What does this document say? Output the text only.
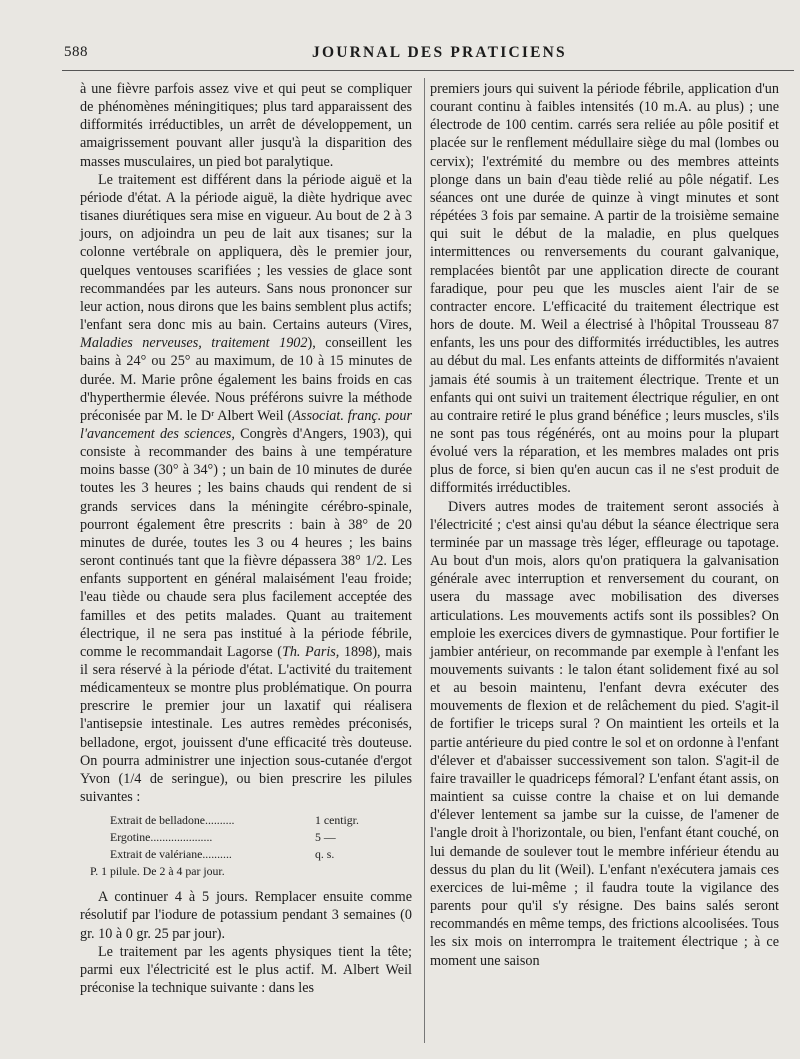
588	JOURNAL DES PRATICIENS

à une fièvre parfois assez vive et qui peut se compliquer de phénomènes méningitiques; plus tard apparaissent des difformités irréductibles, un arrêt de développement, un amaigrissement pouvant aller jusqu'à la disparition des masses musculaires, un pied bot paralytique.

Le traitement est différent dans la période aiguë et la période d'état. A la période aiguë, la diète hydrique avec tisanes diurétiques sera mise en vigueur. Au bout de 2 à 3 jours, on adjoindra un peu de lait aux tisanes; sur la colonne vertébrale on appliquera, dès le premier jour, quelques ventouses scarifiées ; les vessies de glace sont recommandées par les auteurs. Sans nous prononcer sur leur action, nous dirons que les bains semblent plus actifs; l'enfant sera donc mis au bain. Certains auteurs (Vires, Maladies nerveuses, traitement 1902), conseillent les bains à 24° ou 25° au maximum, de 10 à 15 minutes de durée. M. Marie prône également les bains froids en cas d'hyperthermie élevée. Nous préférons suivre la méthode préconisée par M. le Dʳ Albert Weil (Associat. franç. pour l'avancement des sciences, Congrès d'Angers, 1903), qui consiste à recommander des bains à une température moins basse (30° à 34°) ; un bain de 10 minutes de durée toutes les 3 heures ; les bains chauds qui rendent de si grands services dans la méningite cérébro-spinale, pourront également être prescrits : bain à 38° de 20 minutes de durée, toutes les 3 ou 4 heures ; les bains seront continués tant que la fièvre dépassera 38° 1/2. Les enfants supportent en général malaisément l'eau froide; l'eau tiède ou chaude sera plus facilement acceptée des familles et des petits malades. Quant au traitement électrique, il ne sera pas institué à la période fébrile, comme le recommandait Lagorse (Th. Paris, 1898), mais il sera réservé à la période d'état. L'activité du traitement médicamenteux se montre plus problématique. On pourra prescrire le premier jour un laxatif qui réalisera l'antisepsie intestinale. Les autres remèdes préconisés, belladone, ergot, jouissent d'une efficacité très douteuse. On pourra administrer une injection sous-cutanée d'ergot Yvon (1/4 de seringue), ou bien prescrire les pilules suivantes :

Extrait de belladone..........	1 centigr.
Ergotine.....................	5 —
Extrait de valériane..........	q. s.
P. 1 pilule. De 2 à 4 par jour.

A continuer 4 à 5 jours. Remplacer ensuite comme résolutif par l'iodure de potassium pendant 3 semaines (0 gr. 10 à 0 gr. 25 par jour).

Le traitement par les agents physiques tient la tête; parmi eux l'électricité est le plus actif. M. Albert Weil préconise la technique suivante : dans les

premiers jours qui suivent la période fébrile, application d'un courant continu à faibles intensités (10 m.A. au plus) ; une électrode de 100 centim. carrés sera reliée au pôle positif et placée sur le renflement médullaire siège du mal (lombes ou cervix); l'extrémité du membre ou des membres atteints plonge dans un bain d'eau tiède relié au pôle négatif. Les séances ont une durée de quinze à vingt minutes et sont répétées 3 fois par semaine. A partir de la troisième semaine qui suit le début de la maladie, en plus quelques intermittences ou renversements du courant galvanique, remplacées bientôt par une application directe de courant faradique, pour peu que les muscles aient l'air de se contracter encore. L'efficacité du traitement électrique est hors de doute. M. Weil a électrisé à l'hôpital Trousseau 87 enfants, les uns pour des difformités irréductibles, les autres au début du mal. Les enfants atteints de difformités n'avaient jamais été soumis à un traitement électrique. Trente et un enfants qui ont suivi un traitement électrique régulier, en ont au contraire retiré le plus grand bénéfice ; leurs muscles, s'ils ne sont pas tous régénérés, ont au moins pour la plupart évolué vers la réparation, et les membres malades ont pris plus de force, si bien qu'en aucun cas il ne s'est produit de difformités irréductibles.

Divers autres modes de traitement seront associés à l'électricité ; c'est ainsi qu'au début la séance électrique sera terminée par un massage très léger, effleurage ou tapotage. Au bout d'un mois, alors qu'on pratiquera la galvanisation générale avec interruption et renversement du courant, on usera du massage avec mobilisation des diverses articulations. Les mouvements actifs sont ils possibles? On emploie les exercices divers de gymnastique. Pour fortifier le jambier antérieur, on recommande par exemple à l'enfant les mouvements suivants : le talon étant solidement fixé au sol et au besoin maintenu, l'enfant devra exécuter des mouvements de flexion et de relâchement du pied. S'agit-il de fortifier le triceps sural ? On maintient les orteils et la partie antérieure du pied contre le sol et on ordonne à l'enfant d'élever et d'abaisser successivement son talon. S'agit-il de faire travailler le quadriceps fémoral? L'enfant étant assis, on maintient sa cuisse contre la chaise et on lui demande d'élever lentement sa jambe sur la cuisse, de l'amener de l'angle droit à l'horizontale, ou bien, l'enfant étant couché, on lui demande de soulever tout le membre inférieur étendu au dessus du plan du lit (Weil). L'enfant n'exécutera jamais ces exercices de lui-même ; il faudra toute la vigilance des parents pour qu'il s'y résigne. Des bains salés seront recommandés en même temps, des frictions alcoolisées. Tous les six mois on interrompra le traitement électrique ; à ce moment une saison
